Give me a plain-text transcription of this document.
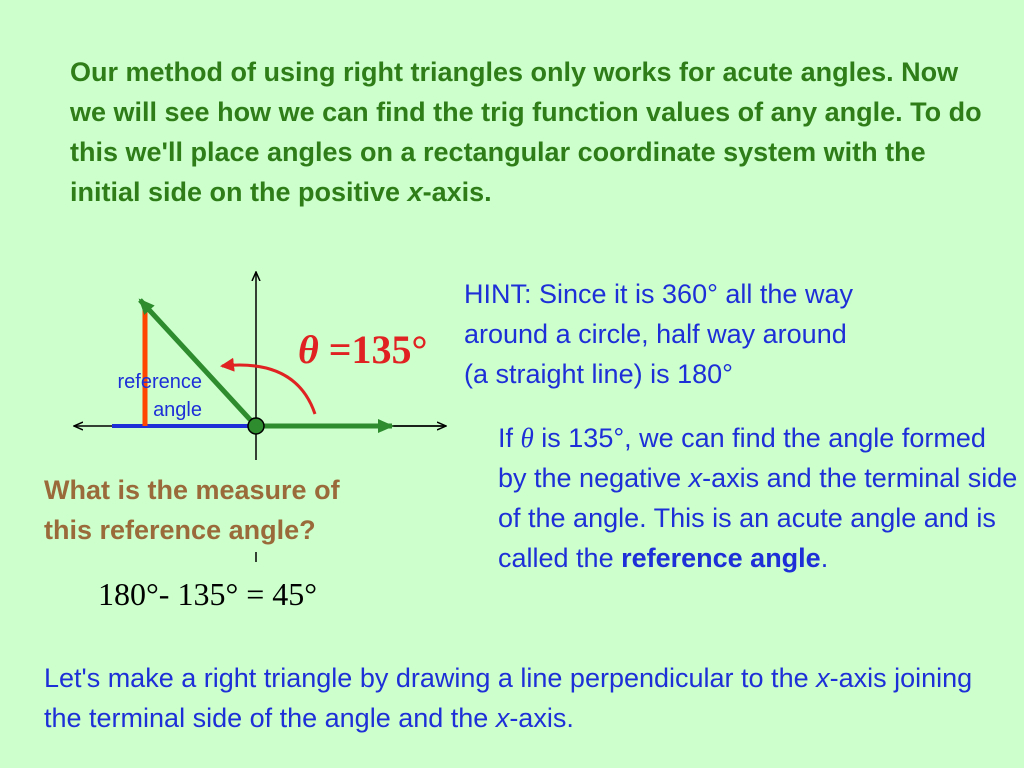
Our method of using right triangles only works for acute angles. Now we will see how we can find the trig function values of any angle. To do this we'll place angles on a rectangular coordinate system with the initial side on the positive x-axis.

θ =135°
reference
angle
HINT: Since it is 360° all the way
around a circle, half way around
(a straight line) is 180°

If θ is 135°, we can find the angle formed by the negative x-axis and the terminal side of the angle. This is an acute angle and is called the reference angle.

What is the measure of
this reference angle?
180°- 135° = 45°

Let's make a right triangle by drawing a line perpendicular to the x-axis joining the terminal side of the angle and the x-axis.
